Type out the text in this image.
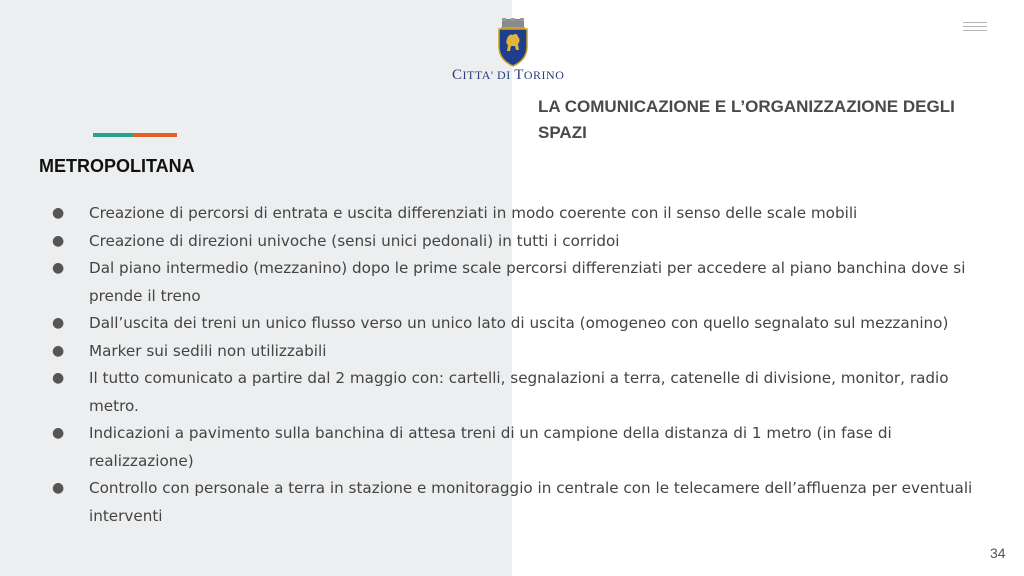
CITTA' DI TORINO
LA COMUNICAZIONE E L’ORGANIZZAZIONE DEGLI SPAZI
METROPOLITANA
● Creazione di percorsi di entrata e uscita differenziati in modo coerente con il senso delle scale mobili
● Creazione di direzioni univoche (sensi unici pedonali) in tutti i corridoi
● Dal piano intermedio (mezzanino) dopo le prime scale percorsi differenziati per accedere al piano banchina dove si prende il treno
● Dall’uscita dei treni un unico flusso verso un unico lato di uscita (omogeneo con quello segnalato sul mezzanino)
● Marker sui sedili non utilizzabili
● Il tutto comunicato a partire dal 2 maggio con: cartelli, segnalazioni a terra, catenelle di divisione, monitor, radio metro.
● Indicazioni a pavimento sulla banchina di attesa treni di un campione della distanza di 1 metro (in fase di realizzazione)
● Controllo con personale a terra in stazione e monitoraggio in centrale con le telecamere dell’affluenza per eventuali interventi
34
